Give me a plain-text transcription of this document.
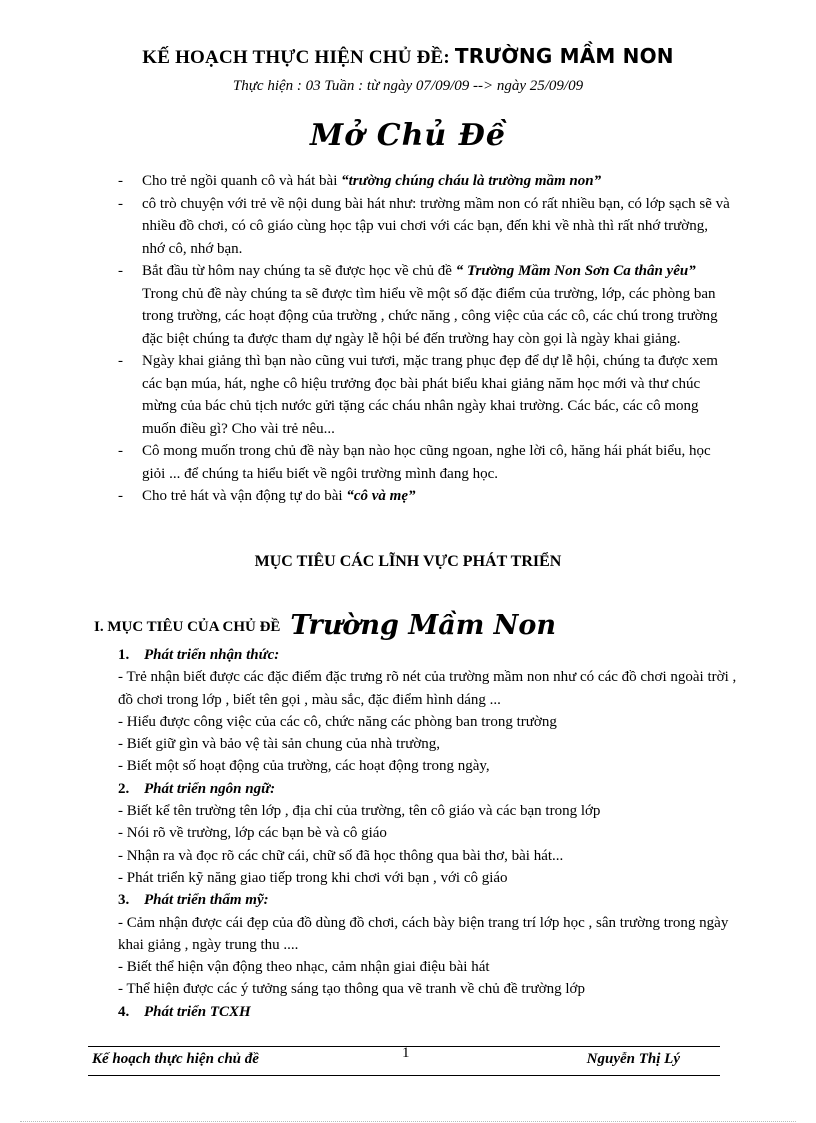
KẾ HOẠCH THỰC HIỆN CHỦ ĐỀ: TRƯỜNG MẦM NON
Thực hiện : 03 Tuần : từ ngày 07/09/09 --> ngày 25/09/09
Mở Chủ Đề
- Cho trẻ ngồi quanh cô và hát bài “trường chúng cháu là trường mầm non”
- cô trò chuyện với trẻ về nội dung bài hát như: trường mầm non có rất nhiều bạn, có lớp sạch sẽ và nhiều đồ chơi, có cô giáo cùng học tập vui chơi với các bạn, đến khi về nhà thì rất nhớ trường, nhớ cô, nhớ bạn.
- Bắt đầu từ hôm nay chúng ta sẽ được học về chủ đề “ Trường Mầm Non Sơn Ca thân yêu” Trong chủ đề này chúng ta sẽ được tìm hiểu về một số đặc điểm của trường, lớp, các phòng ban trong trường, các hoạt động của trường , chức năng , công việc của các cô, các chú trong trường đặc biệt chúng ta được tham dự ngày lễ hội bé đến trường hay còn gọi là ngày khai giảng.
- Ngày khai giảng thì bạn nào cũng vui tươi, mặc trang phục đẹp để dự lễ hội, chúng ta được xem các bạn múa, hát, nghe cô hiệu trưởng đọc bài phát biểu khai giảng năm học mới và thư chúc mừng của bác chủ tịch nước gửi tặng các cháu nhân ngày khai trường. Các bác, các cô mong muốn điều gì? Cho vài trẻ nêu...
- Cô mong muốn trong chủ đề này bạn nào học cũng ngoan, nghe lời cô, hăng hái phát biểu, học giỏi ... để chúng ta hiểu biết về ngôi trường mình đang học.
- Cho trẻ hát và vận động tự do bài “cô và mẹ”
MỤC TIÊU CÁC LĨNH VỰC PHÁT TRIỂN
I. MỤC TIÊU CỦA CHỦ ĐỀ Trường Mầm Non
1. Phát triển nhận thức:
- Trẻ nhận biết được các đặc điểm đặc trưng rõ nét của trường mầm non như có các đồ chơi ngoài trời , đồ chơi trong lớp , biết tên gọi , màu sắc, đặc điểm hình dáng ...
- Hiểu được công việc của các cô, chức năng các phòng ban trong trường
- Biết giữ gìn và bảo vệ tài sản chung của nhà trường,
- Biết một số hoạt động của trường, các hoạt động trong ngày,
2. Phát triển ngôn ngữ:
- Biết kể tên trường tên lớp , địa chỉ của trường, tên cô giáo và các bạn trong lớp
- Nói rõ về trường, lớp các bạn bè và cô giáo
- Nhận ra và đọc rõ các chữ cái, chữ số đã học thông qua bài thơ, bài hát...
- Phát triển kỹ năng giao tiếp trong khi chơi với bạn , với cô giáo
3. Phát triển thẩm mỹ:
- Cảm nhận được cái đẹp của đồ dùng đồ chơi, cách bày biện trang trí lớp học , sân trường trong ngày khai giảng , ngày trung thu ....
- Biết thể hiện vận động theo nhạc, cảm nhận giai điệu bài hát
- Thể hiện được các ý tưởng sáng tạo thông qua vẽ tranh về chủ đề trường lớp
4. Phát triển TCXH
Kế hoạch thực hiện chủ đề	1	Nguyễn Thị Lý
